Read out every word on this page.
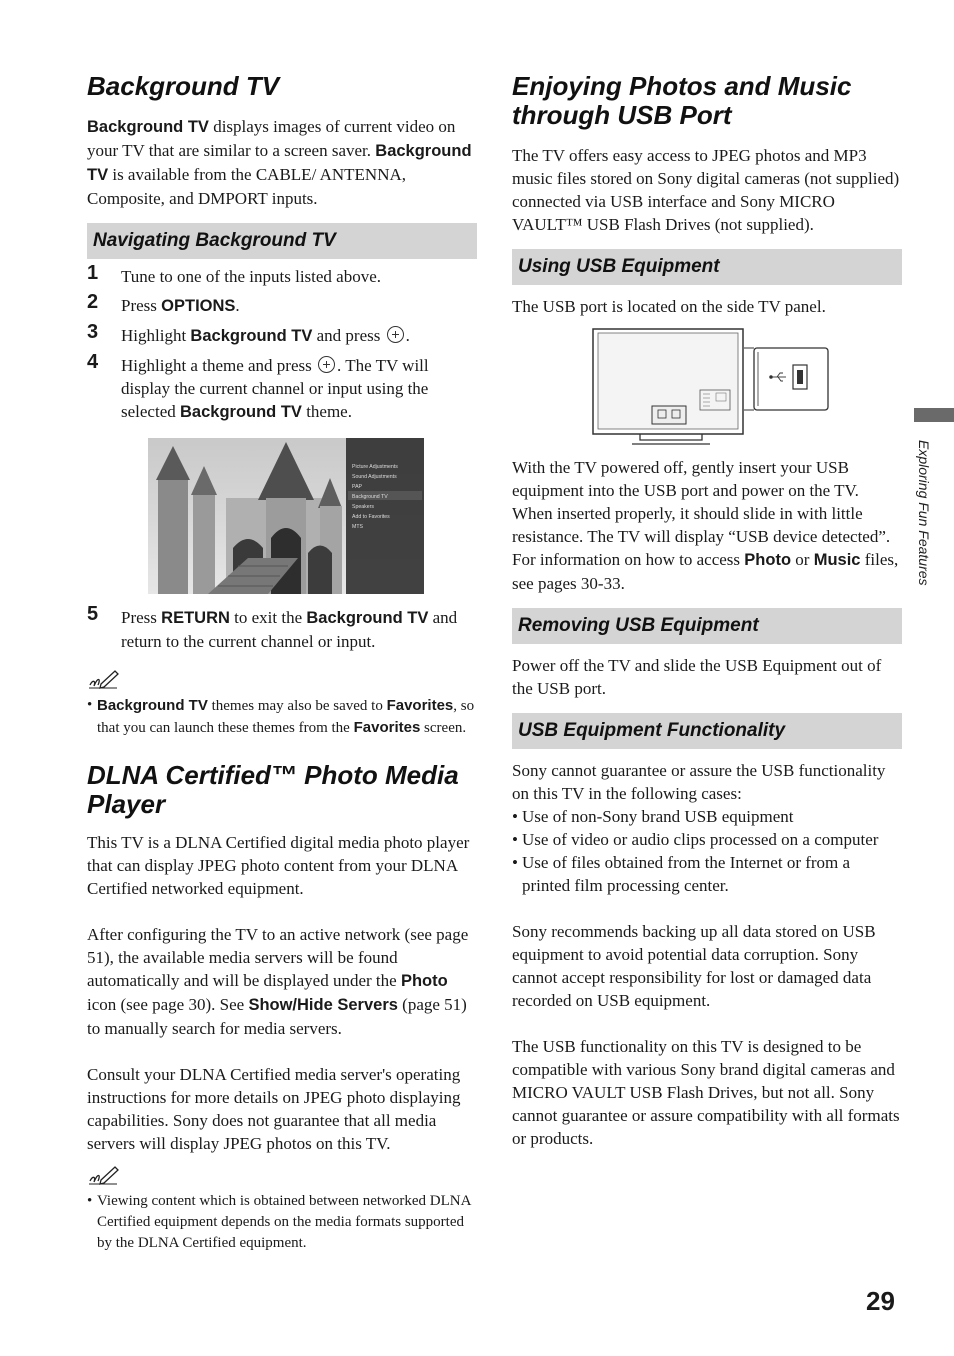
Exploring Fun Features
29
Background TV

Background TV displays images of current video on your TV that are similar to a screen saver. Background TV is available from the CABLE/ ANTENNA, Composite, and DMPORT inputs.

Navigating Background TV
1 Tune to one of the inputs listed above.
2 Press OPTIONS.
3 Highlight Background TV and press .
4 Highlight a theme and press . The TV will display the current channel or input using the selected Background TV theme.
Picture Adjustments
Sound Adjustments
PAP
Background TV
Speakers
Add to Favorites
MTS
5 Press RETURN to exit the Background TV and return to the current channel or input.
• Background TV themes may also be saved to Favorites, so that you can launch these themes from the Favorites screen.
DLNA Certified™ Photo Media Player

This TV is a DLNA Certified digital media photo player that can display JPEG photo content from your DLNA Certified networked equipment.

After configuring the TV to an active network (see page 51), the available media servers will be found automatically and will be displayed under the Photo icon (see page 30). See Show/Hide Servers (page 51) to manually search for media servers.

Consult your DLNA Certified media server's operating instructions for more details on JPEG photo displaying capabilities. Sony does not guarantee that all media servers will display JPEG photos on this TV.

• Viewing content which is obtained between networked DLNA Certified equipment depends on the media formats supported by the DLNA Certified equipment.
Enjoying Photos and Music through USB Port

The TV offers easy access to JPEG photos and MP3 music files stored on Sony digital cameras (not supplied) connected via USB interface and Sony MICRO VAULT™ USB Flash Drives (not supplied).

Using USB Equipment

The USB port is located on the side TV panel.

With the TV powered off, gently insert your USB equipment into the USB port and power on the TV. When inserted properly, it should slide in with little resistance. The TV will display “USB device detected”. For information on how to access Photo or Music files, see pages 30-33.

Removing USB Equipment

Power off the TV and slide the USB Equipment out of the USB port.

USB Equipment Functionality

Sony cannot guarantee or assure the USB functionality on this TV in the following cases:

• Use of non-Sony brand USB equipment
• Use of video or audio clips processed on a computer
• Use of files obtained from the Internet or from a printed film processing center.

Sony recommends backing up all data stored on USB equipment to avoid potential data corruption. Sony cannot accept responsibility for lost or damaged data recorded on USB equipment.

The USB functionality on this TV is designed to be compatible with various Sony brand digital cameras and MICRO VAULT USB Flash Drives, but not all. Sony cannot guarantee or assure compatibility with all formats or products.
